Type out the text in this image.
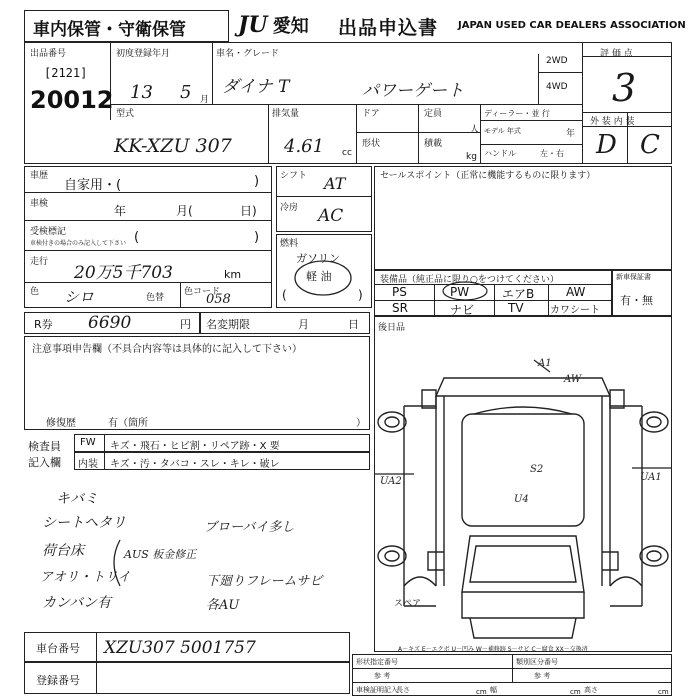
車内保管・守衛保管 JU 愛知 出品申込書 JAPAN USED CAR DEALERS ASSOCIATION
出品番号
[2121]
20012
初度登録年月
13 5 月
車名・グレード
ダイナ T	パワーゲート
2WD
4WD
評 価 点
3
外 装 内 装
D C
型式
KK-XZU 307
排気量
4.61 cc
ドア	定員
人
形状	積載
kg
ディーラー・並 行
モデル 年式	年
ハンドル	左・右
車歴
自家用・(	)
車検	年	月(	日)
受検標記
車検付きの場合のみ記入して下さい (	)
走行
20万5千703	km
色 シロ	色替
色コード
058
シフト AT
冷房 AC
燃料
ガソリン
軽 油
(	)
セールスポイント（正常に機能するものに限ります）
装備品（純正品に限り○をつけてください）
PS	PW	エアB	AW
SR	ナビ	TV	カワシート
新車保証書
有・無
R券 6690	円 名変期限	月	日
注意事項申告欄（不具合内容等は具体的に記入して下さい）
修復歴	有（箇所	）
後日品
検査員
記入欄
FW キズ・飛石・ヒビ割・リペア跡・X 要
内装 キズ・汚・タバコ・スレ・キレ・破レ
キバミ
シートヘタリ
荷台床
アオリ・トリイ
カンバン有
ブローバイ多し
下廻りフレームサビ
各AU
AUS 板金修正
A1
UA2	UA1
S2
U4
AW
スペア
A－キズ E－エクボ U－凹み W－補修跡 S－サビ C－腐食 XX－交換済
車台番号 XZU307 5001757
登録番号
形状指定番号
参 考
類別区分番号
参 考
車検証明記入
長さ	cm 幅	cm 高さ	cm
